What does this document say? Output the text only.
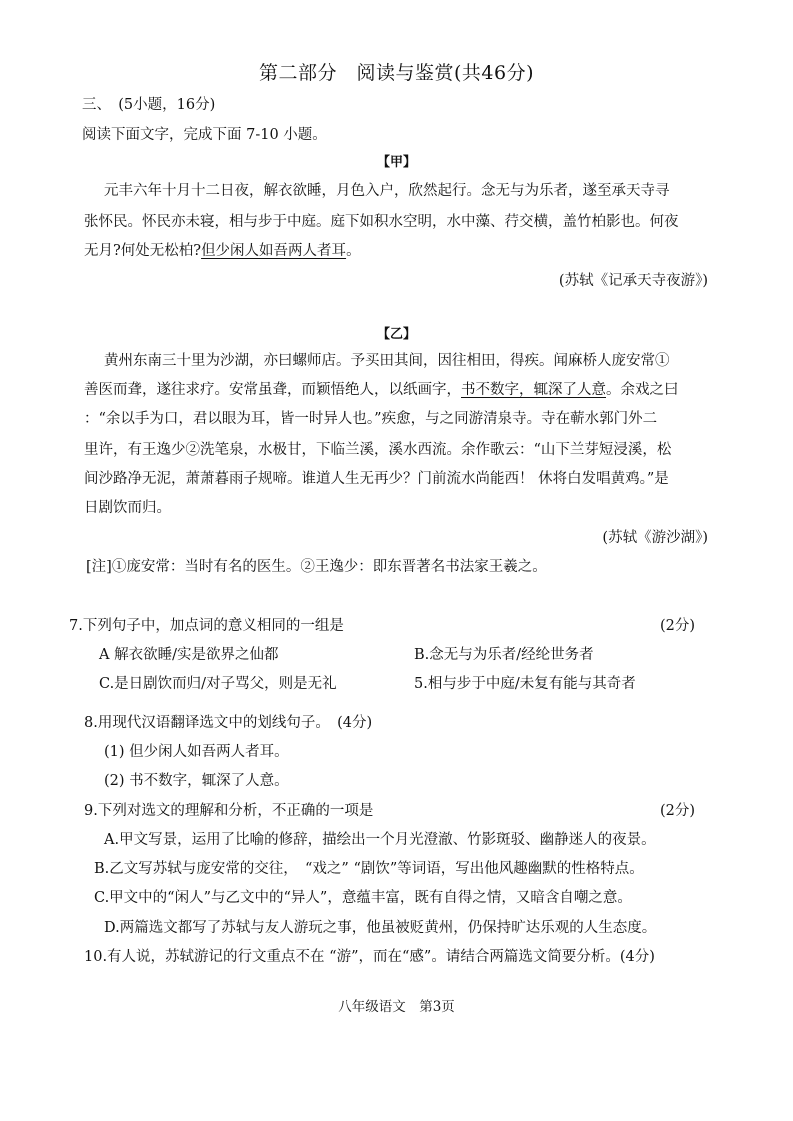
第二部分　阅读与鉴赏(共46分)
三、　(5小题，16分)
阅读下面文字，完成下面 7-10 小题。
【甲】
元丰六年十月十二日夜，解衣欲睡，月色入户，欣然起行。念无与为乐者，遂至承天寺寻
张怀民。怀民亦未寝，相与步于中庭。庭下如积水空明，水中藻、荇交横，盖竹柏影也。何夜
无月?何处无松柏?但少闲人如吾两人者耳。
(苏轼《记承天寺夜游》)
【乙】
黄州东南三十里为沙湖，亦曰螺师店。予买田其间，因往相田，得疾。闻麻桥人庞安常①
善医而聋，遂往求疗。安常虽聋，而颖悟绝人，以纸画字，书不数字，辄深了人意。余戏之曰
：“余以手为口，君以眼为耳，皆一时异人也。”疾愈，与之同游清泉寺。寺在蕲水郭门外二
里许，有王逸少②洗笔泉，水极甘，下临兰溪，溪水西流。余作歌云：“山下兰芽短浸溪，松
间沙路净无泥，萧萧暮雨子规啼。谁道人生无再少？门前流水尚能西！ 休将白发唱黄鸡。”是
日剧饮而归。
(苏轼《游沙湖》)
[注]①庞安常：当时有名的医生。②王逸少：即东晋著名书法家王羲之。
7.下列句子中，加点词的意义相同的一组是	(2分)
A 解衣欲睡/实是欲界之仙都	B.念无与为乐者/经纶世务者
C.是日剧饮而归/对子骂父，则是无礼	5.相与步于中庭/未复有能与其奇者
8.用现代汉语翻译选文中的划线句子。　(4分)
(1) 但少闲人如吾两人者耳。
(2) 书不数字，辄深了人意。
9.下列对选文的理解和分析，不正确的一项是	(2分)
A.甲文写景，运用了比喻的修辞，描绘出一个月光澄澈、竹影斑驳、幽静迷人的夜景。
B.乙文写苏轼与庞安常的交往，　“戏之” “剧饮”等词语，写出他风趣幽默的性格特点。
C.甲文中的“闲人”与乙文中的“异人”，意蕴丰富，既有自得之情，又暗含自嘲之意。
D.两篇选文都写了苏轼与友人游玩之事，他虽被贬黄州，仍保持旷达乐观的人生态度。
10.有人说，苏轼游记的行文重点不在 “游”，而在“感”。请结合两篇选文简要分析。(4分)
八年级语文　第3页
